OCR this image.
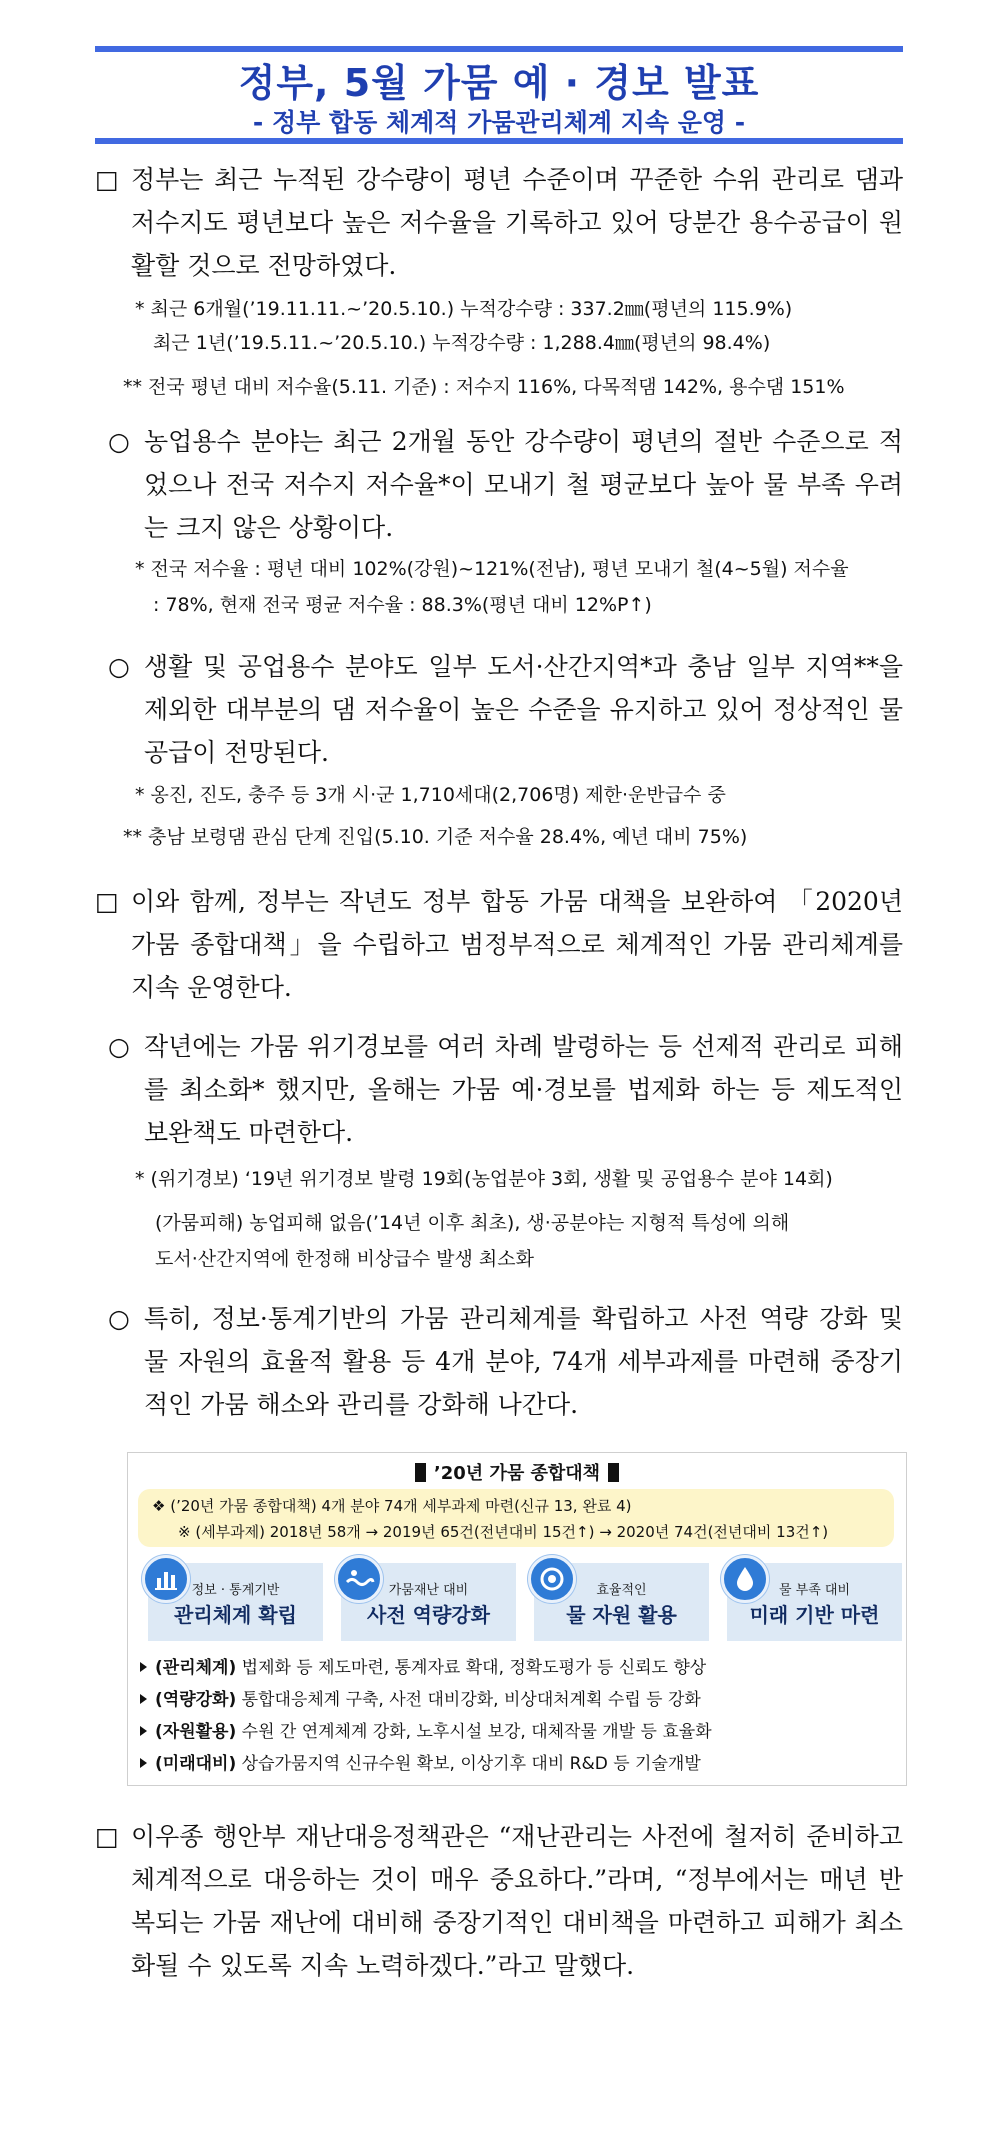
정부, 5월 가뭄 예 · 경보 발표
- 정부 합동 체계적 가뭄관리체계 지속 운영 -
□ 정부는 최근 누적된 강수량이 평년 수준이며 꾸준한 수위 관리로 댐과 저수지도 평년보다 높은 저수율을 기록하고 있어 당분간 용수공급이 원활할 것으로 전망하였다.
* 최근 6개월(’19.11.11.~’20.5.10.) 누적강수량 : 337.2㎜(평년의 115.9%)
최근 1년(’19.5.11.~’20.5.10.) 누적강수량 : 1,288.4㎜(평년의 98.4%)
** 전국 평년 대비 저수율(5.11. 기준) : 저수지 116%, 다목적댐 142%, 용수댐 151%
○ 농업용수 분야는 최근 2개월 동안 강수량이 평년의 절반 수준으로 적었으나 전국 저수지 저수율*이 모내기 철 평균보다 높아 물 부족 우려는 크지 않은 상황이다.
* 전국 저수율 : 평년 대비 102%(강원)~121%(전남), 평년 모내기 철(4~5월) 저수율
: 78%, 현재 전국 평균 저수율 : 88.3%(평년 대비 12%P↑)
○ 생활 및 공업용수 분야도 일부 도서·산간지역*과 충남 일부 지역**을 제외한 대부분의 댐 저수율이 높은 수준을 유지하고 있어 정상적인 물 공급이 전망된다.
* 옹진, 진도, 충주 등 3개 시·군 1,710세대(2,706명) 제한·운반급수 중
** 충남 보령댐 관심 단계 진입(5.10. 기준 저수율 28.4%, 예년 대비 75%)
□ 이와 함께, 정부는 작년도 정부 합동 가뭄 대책을 보완하여 「2020년 가뭄 종합대책」을 수립하고 범정부적으로 체계적인 가뭄 관리체계를 지속 운영한다.
○ 작년에는 가뭄 위기경보를 여러 차례 발령하는 등 선제적 관리로 피해를 최소화* 했지만, 올해는 가뭄 예·경보를 법제화 하는 등 제도적인 보완책도 마련한다.
* (위기경보) ‘19년 위기경보 발령 19회(농업분야 3회, 생활 및 공업용수 분야 14회)
(가뭄피해) 농업피해 없음(’14년 이후 최초), 생·공분야는 지형적 특성에 의해
도서·산간지역에 한정해 비상급수 발생 최소화
○ 특히, 정보·통계기반의 가뭄 관리체계를 확립하고 사전 역량 강화 및 물 자원의 효율적 활용 등 4개 분야, 74개 세부과제를 마련해 중장기적인 가뭄 해소와 관리를 강화해 나간다.
’20년 가뭄 종합대책
❖ (’20년 가뭄 종합대책) 4개 분야 74개 세부과제 마련(신규 13, 완료 4)
※ (세부과제) 2018년 58개 → 2019년 65건(전년대비 15건↑) → 2020년 74건(전년대비 13건↑)
정보 · 통계기반
관리체계 확립
가뭄재난 대비
사전 역량강화
효율적인
물 자원 활용
물 부족 대비
미래 기반 마련
(관리체계) 법제화 등 제도마련, 통계자료 확대, 정확도평가 등 신뢰도 향상
(역량강화) 통합대응체계 구축, 사전 대비강화, 비상대처계획 수립 등 강화
(자원활용) 수원 간 연계체계 강화, 노후시설 보강, 대체작물 개발 등 효율화
(미래대비) 상습가뭄지역 신규수원 확보, 이상기후 대비 R&D 등 기술개발
□ 이우종 행안부 재난대응정책관은 “재난관리는 사전에 철저히 준비하고 체계적으로 대응하는 것이 매우 중요하다.”라며, “정부에서는 매년 반복되는 가뭄 재난에 대비해 중장기적인 대비책을 마련하고 피해가 최소화될 수 있도록 지속 노력하겠다.”라고 말했다.
